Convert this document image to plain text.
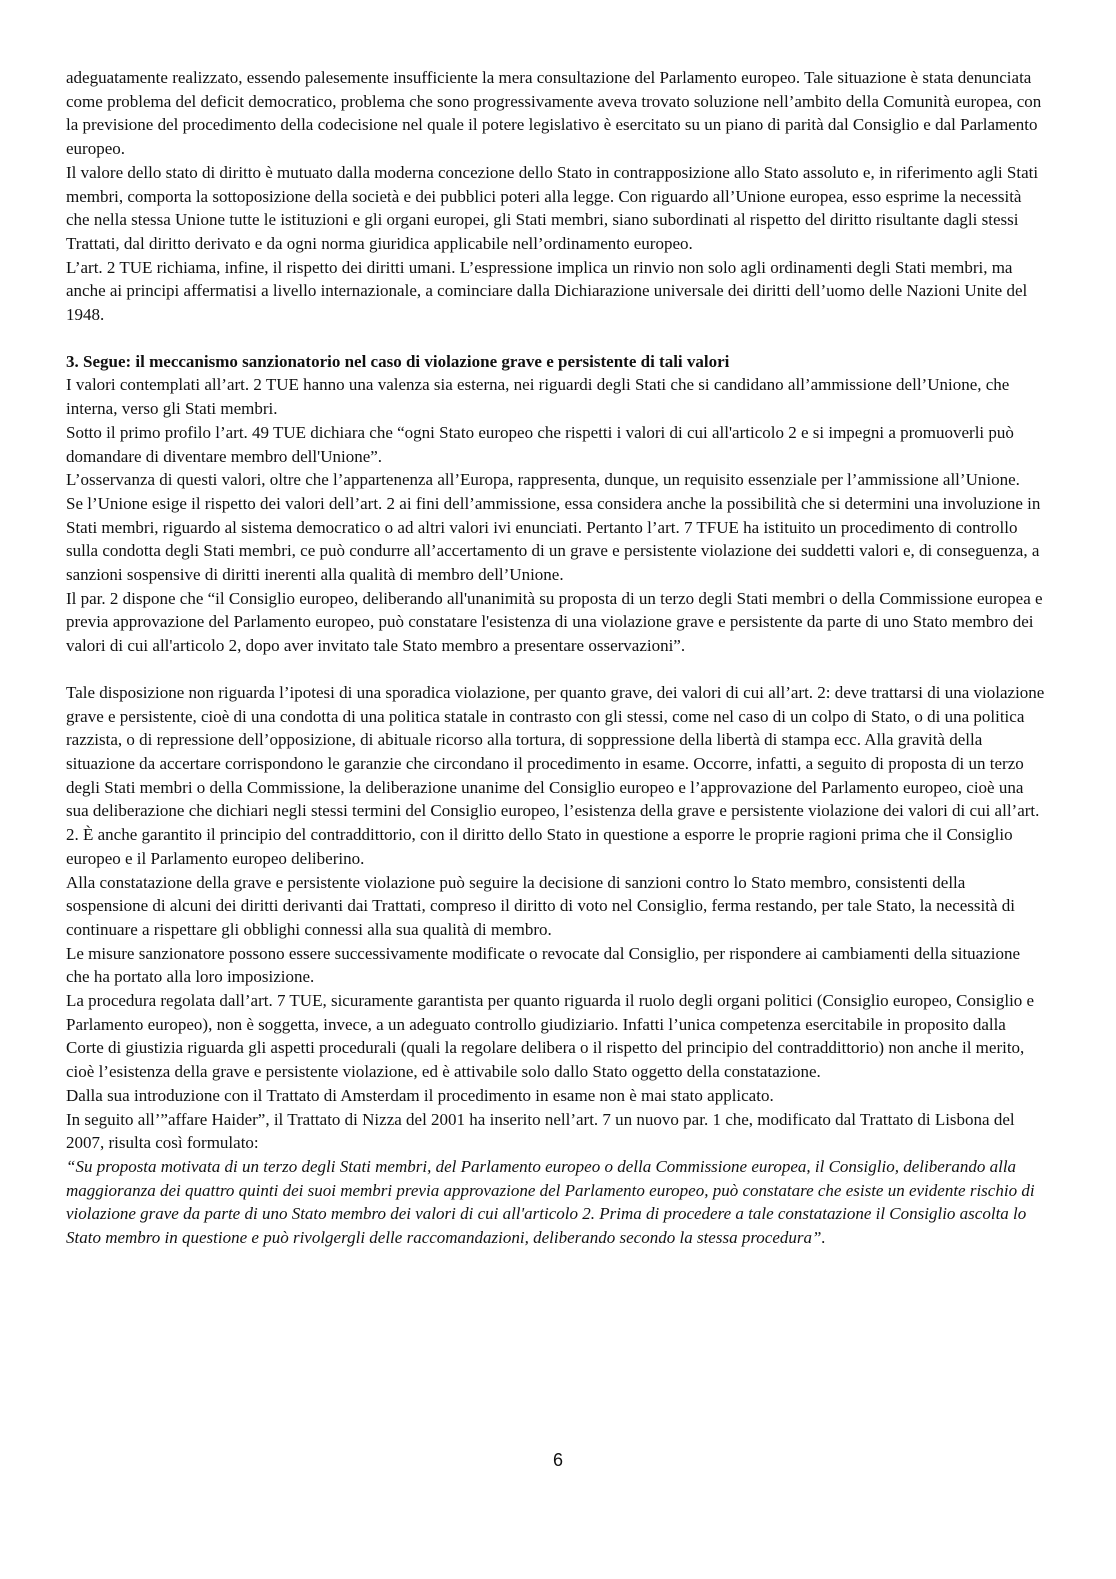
adeguatamente realizzato, essendo palesemente insufficiente la mera consultazione del Parlamento europeo. Tale situazione è stata denunciata come problema del deficit democratico, problema che sono progressivamente aveva trovato soluzione nell’ambito della Comunità europea, con la previsione del procedimento della codecisione nel quale il potere legislativo è esercitato su un piano di parità dal Consiglio e dal Parlamento europeo.

Il valore dello stato di diritto è mutuato dalla moderna concezione dello Stato in contrapposizione allo Stato assoluto e, in riferimento agli Stati membri, comporta la sottoposizione della società e dei pubblici poteri alla legge. Con riguardo all’Unione europea, esso esprime la necessità che nella stessa Unione tutte le istituzioni e gli organi europei, gli Stati membri, siano subordinati al rispetto del diritto risultante dagli stessi Trattati, dal diritto derivato e da ogni norma giuridica applicabile nell’ordinamento europeo.

L’art. 2 TUE richiama, infine, il rispetto dei diritti umani. L’espressione implica un rinvio non solo agli ordinamenti degli Stati membri, ma anche ai principi affermatisi a livello internazionale, a cominciare dalla Dichiarazione universale dei diritti dell’uomo delle Nazioni Unite del 1948.

3. Segue: il meccanismo sanzionatorio nel caso di violazione grave e persistente di tali valori

I valori contemplati all’art. 2 TUE hanno una valenza sia esterna, nei riguardi degli Stati che si candidano all’ammissione dell’Unione, che interna, verso gli Stati membri.

Sotto il primo profilo l’art. 49 TUE dichiara che “ogni Stato europeo che rispetti i valori di cui all'articolo 2 e si impegni a promuoverli può domandare di diventare membro dell'Unione”.

L’osservanza di questi valori, oltre che l’appartenenza all’Europa, rappresenta, dunque, un requisito essenziale per l’ammissione all’Unione.

Se l’Unione esige il rispetto dei valori dell’art. 2 ai fini dell’ammissione, essa considera anche la possibilità che si determini una involuzione in Stati membri, riguardo al sistema democratico o ad altri valori ivi enunciati. Pertanto l’art. 7 TFUE ha istituito un procedimento di controllo sulla condotta degli Stati membri, ce può condurre all’accertamento di un grave e persistente violazione dei suddetti valori e, di conseguenza, a sanzioni sospensive di diritti inerenti alla qualità di membro dell’Unione.

Il par. 2 dispone che “il Consiglio europeo, deliberando all'unanimità su proposta di un terzo degli Stati membri o della Commissione europea e previa approvazione del Parlamento europeo, può constatare l'esistenza di una violazione grave e persistente da parte di uno Stato membro dei valori di cui all'articolo 2, dopo aver invitato tale Stato membro a presentare osservazioni”.

Tale disposizione non riguarda l’ipotesi di una sporadica violazione, per quanto grave, dei valori di cui all’art. 2: deve trattarsi di una violazione grave e persistente, cioè di una condotta di una politica statale in contrasto con gli stessi, come nel caso di un colpo di Stato, o di una politica razzista, o di repressione dell’opposizione, di abituale ricorso alla tortura, di soppressione della libertà di stampa ecc. Alla gravità della situazione da accertare corrispondono le garanzie che circondano il procedimento in esame. Occorre, infatti, a seguito di proposta di un terzo degli Stati membri o della Commissione, la deliberazione unanime del Consiglio europeo e l’approvazione del Parlamento europeo, cioè una sua deliberazione che dichiari negli stessi termini del Consiglio europeo, l’esistenza della grave e persistente violazione dei valori di cui all’art. 2. È anche garantito il principio del contraddittorio, con il diritto dello Stato in questione a esporre le proprie ragioni prima che il Consiglio europeo e il Parlamento europeo deliberino.

Alla constatazione della grave e persistente violazione può seguire la decisione di sanzioni contro lo Stato membro, consistenti della sospensione di alcuni dei diritti derivanti dai Trattati, compreso il diritto di voto nel Consiglio, ferma restando, per tale Stato, la necessità di continuare a rispettare gli obblighi connessi alla sua qualità di membro.

Le misure sanzionatore possono essere successivamente modificate o revocate dal Consiglio, per rispondere ai cambiamenti della situazione che ha portato alla loro imposizione.

La procedura regolata dall’art. 7 TUE, sicuramente garantista per quanto riguarda il ruolo degli organi politici (Consiglio europeo, Consiglio e Parlamento europeo), non è soggetta, invece, a un adeguato controllo giudiziario. Infatti l’unica competenza esercitabile in proposito dalla Corte di giustizia riguarda gli aspetti procedurali (quali la regolare delibera o il rispetto del principio del contraddittorio) non anche il merito, cioè l’esistenza della grave e persistente violazione, ed è attivabile solo dallo Stato oggetto della constatazione.

Dalla sua introduzione con il Trattato di Amsterdam il procedimento in esame non è mai stato applicato.

In seguito all’”affare Haider”, il Trattato di Nizza del 2001 ha inserito nell’art. 7 un nuovo par. 1 che, modificato dal Trattato di Lisbona del 2007, risulta così formulato:

“Su proposta motivata di un terzo degli Stati membri, del Parlamento europeo o della Commissione europea, il Consiglio, deliberando alla maggioranza dei quattro quinti dei suoi membri previa approvazione del Parlamento europeo, può constatare che esiste un evidente rischio di violazione grave da parte di uno Stato membro dei valori di cui all'articolo 2. Prima di procedere a tale constatazione il Consiglio ascolta lo Stato membro in questione e può rivolgergli delle raccomandazioni, deliberando secondo la stessa procedura”.

6
